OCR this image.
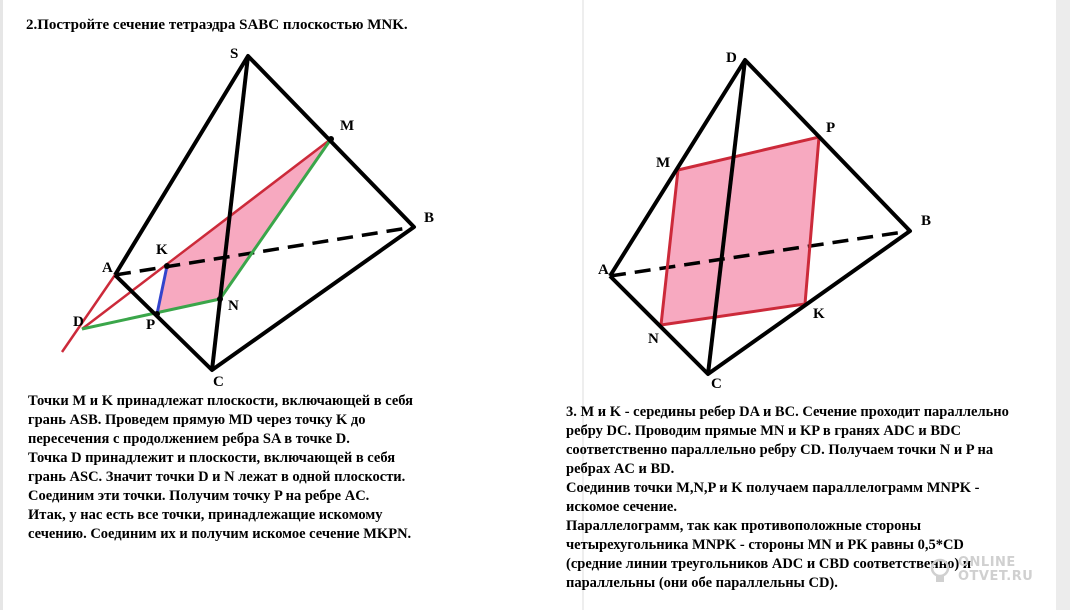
2.Постройте сечение тетраэдра SABC плоскостью MNK.
S
M
B
K
A
N
D	P
C
Точки M и K принадлежат плоскости, включающей в себя
грань ASB. Проведем прямую MD через точку K до
пересечения с продолжением ребра SA в точке D.
Точка D принадлежит и плоскости, включающей в себя
грань ASC. Значит точки D и N лежат в одной плоскости.
Соединим эти точки. Получим точку P на ребре AC.
Итак, у нас есть все точки, принадлежащие искомому
сечению. Соединим их и получим искомое сечение MKPN.
D
P
M
B
A
K
N
C
3. M и K - середины ребер DA и BC. Сечение проходит параллельно
ребру DC. Проводим прямые MN и KP в гранях ADC и BDC
соответственно параллельно ребру CD. Получаем точки N и P на
ребрах AC и BD.
Соединив точки M,N,P и K получаем параллелограмм MNPK -
искомое сечение.
Параллелограмм, так как противоположные стороны
четырехугольника MNPK - стороны MN и PK равны 0,5*CD
(средние линии треугольников ADC и CBD соответственно) и
параллельны (они обе параллельны CD).
ONLINE
OTVET.RU
